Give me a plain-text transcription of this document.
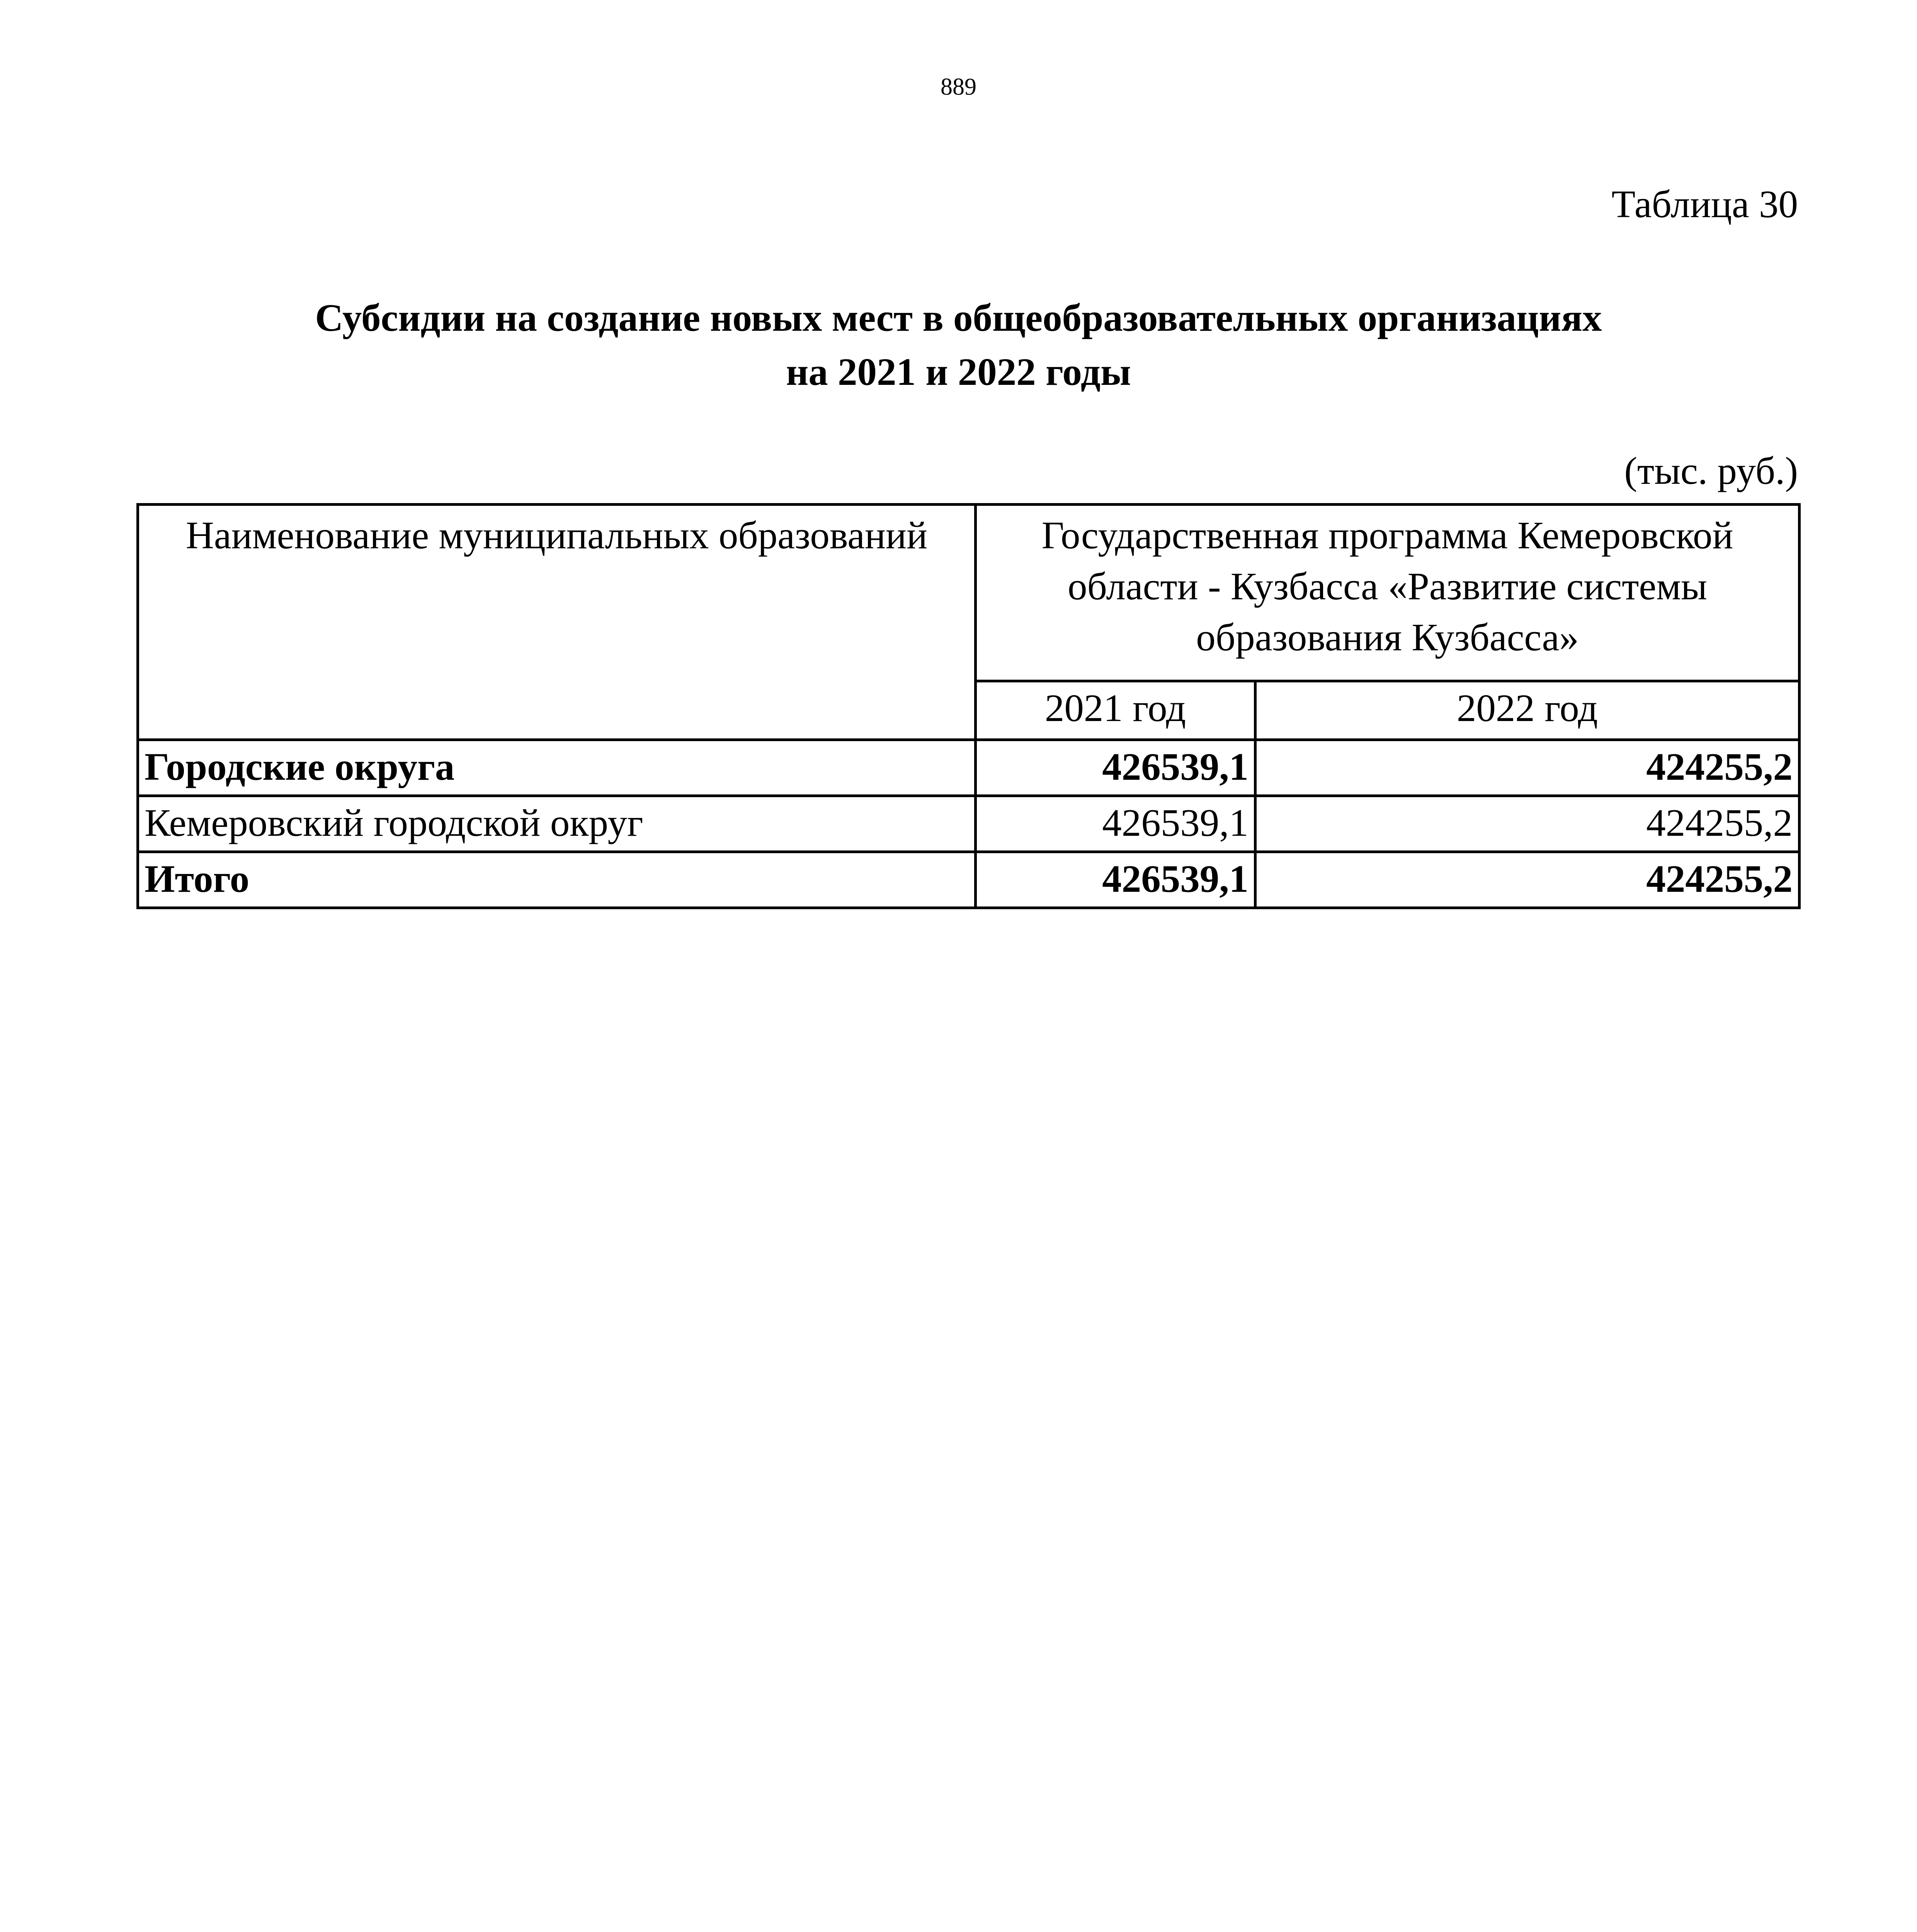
889
Таблица 30
Субсидии на создание новых мест в общеобразовательных организациях
на 2021 и 2022 годы
(тыс. руб.)
Наименование муниципальных образований	Государственная программа Кемеровской области - Кузбасса «Развитие системы образования Кузбасса»	
	2021 год	2022 год
Городские округа	426539,1	424255,2
Кемеровский городской округ	426539,1	424255,2
Итого	426539,1	424255,2
